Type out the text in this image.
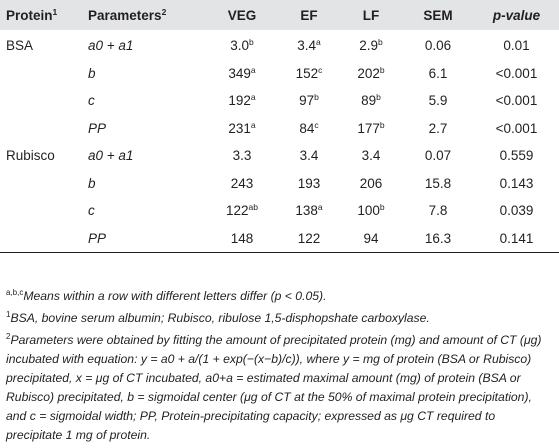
Protein$^1$	Parameters$^2$	VEG	EF	LF	SEM	p-value
BSA	a0 + a1	3.0$^b$	3.4$^a$	2.9$^b$	0.06	0.01
	b	349$^a$	152$^c$	202$^b$	6.1	<0.001
	c	192$^a$	97$^b$	89$^b$	5.9	<0.001
	PP	231$^a$	84$^c$	177$^b$	2.7	<0.001
Rubisco	a0 + a1	3.3	3.4	3.4	0.07	0.559
	b	243	193	206	15.8	0.143
	c	$122^{ab}$	138$^a$	100$^b$	7.8	0.039
	PP	148	122	94	16.3	0.141

$^{a,b,c}$Means within a row with different letters differ (p < 0.05).

$^1$BSA, bovine serum albumin; Rubisco, ribulose 1,5-disphopshate carboxylase.

$^2$Parameters were obtained by fitting the amount of precipitated protein (mg) and amount of CT (μg) incubated with equation: y = a0 + a/(1 + exp(−(x−b)/c)), where y = mg of protein (BSA or Rubisco) precipitated, x = μg of CT incubated, a0+a = estimated maximal amount (mg) of protein (BSA or Rubisco) precipitated, b = sigmoidal center (μg of CT at the 50% of maximal protein precipitation), and c = sigmoidal width; PP, Protein-precipitating capacity; expressed as μg CT required to precipitate 1 mg of protein.
